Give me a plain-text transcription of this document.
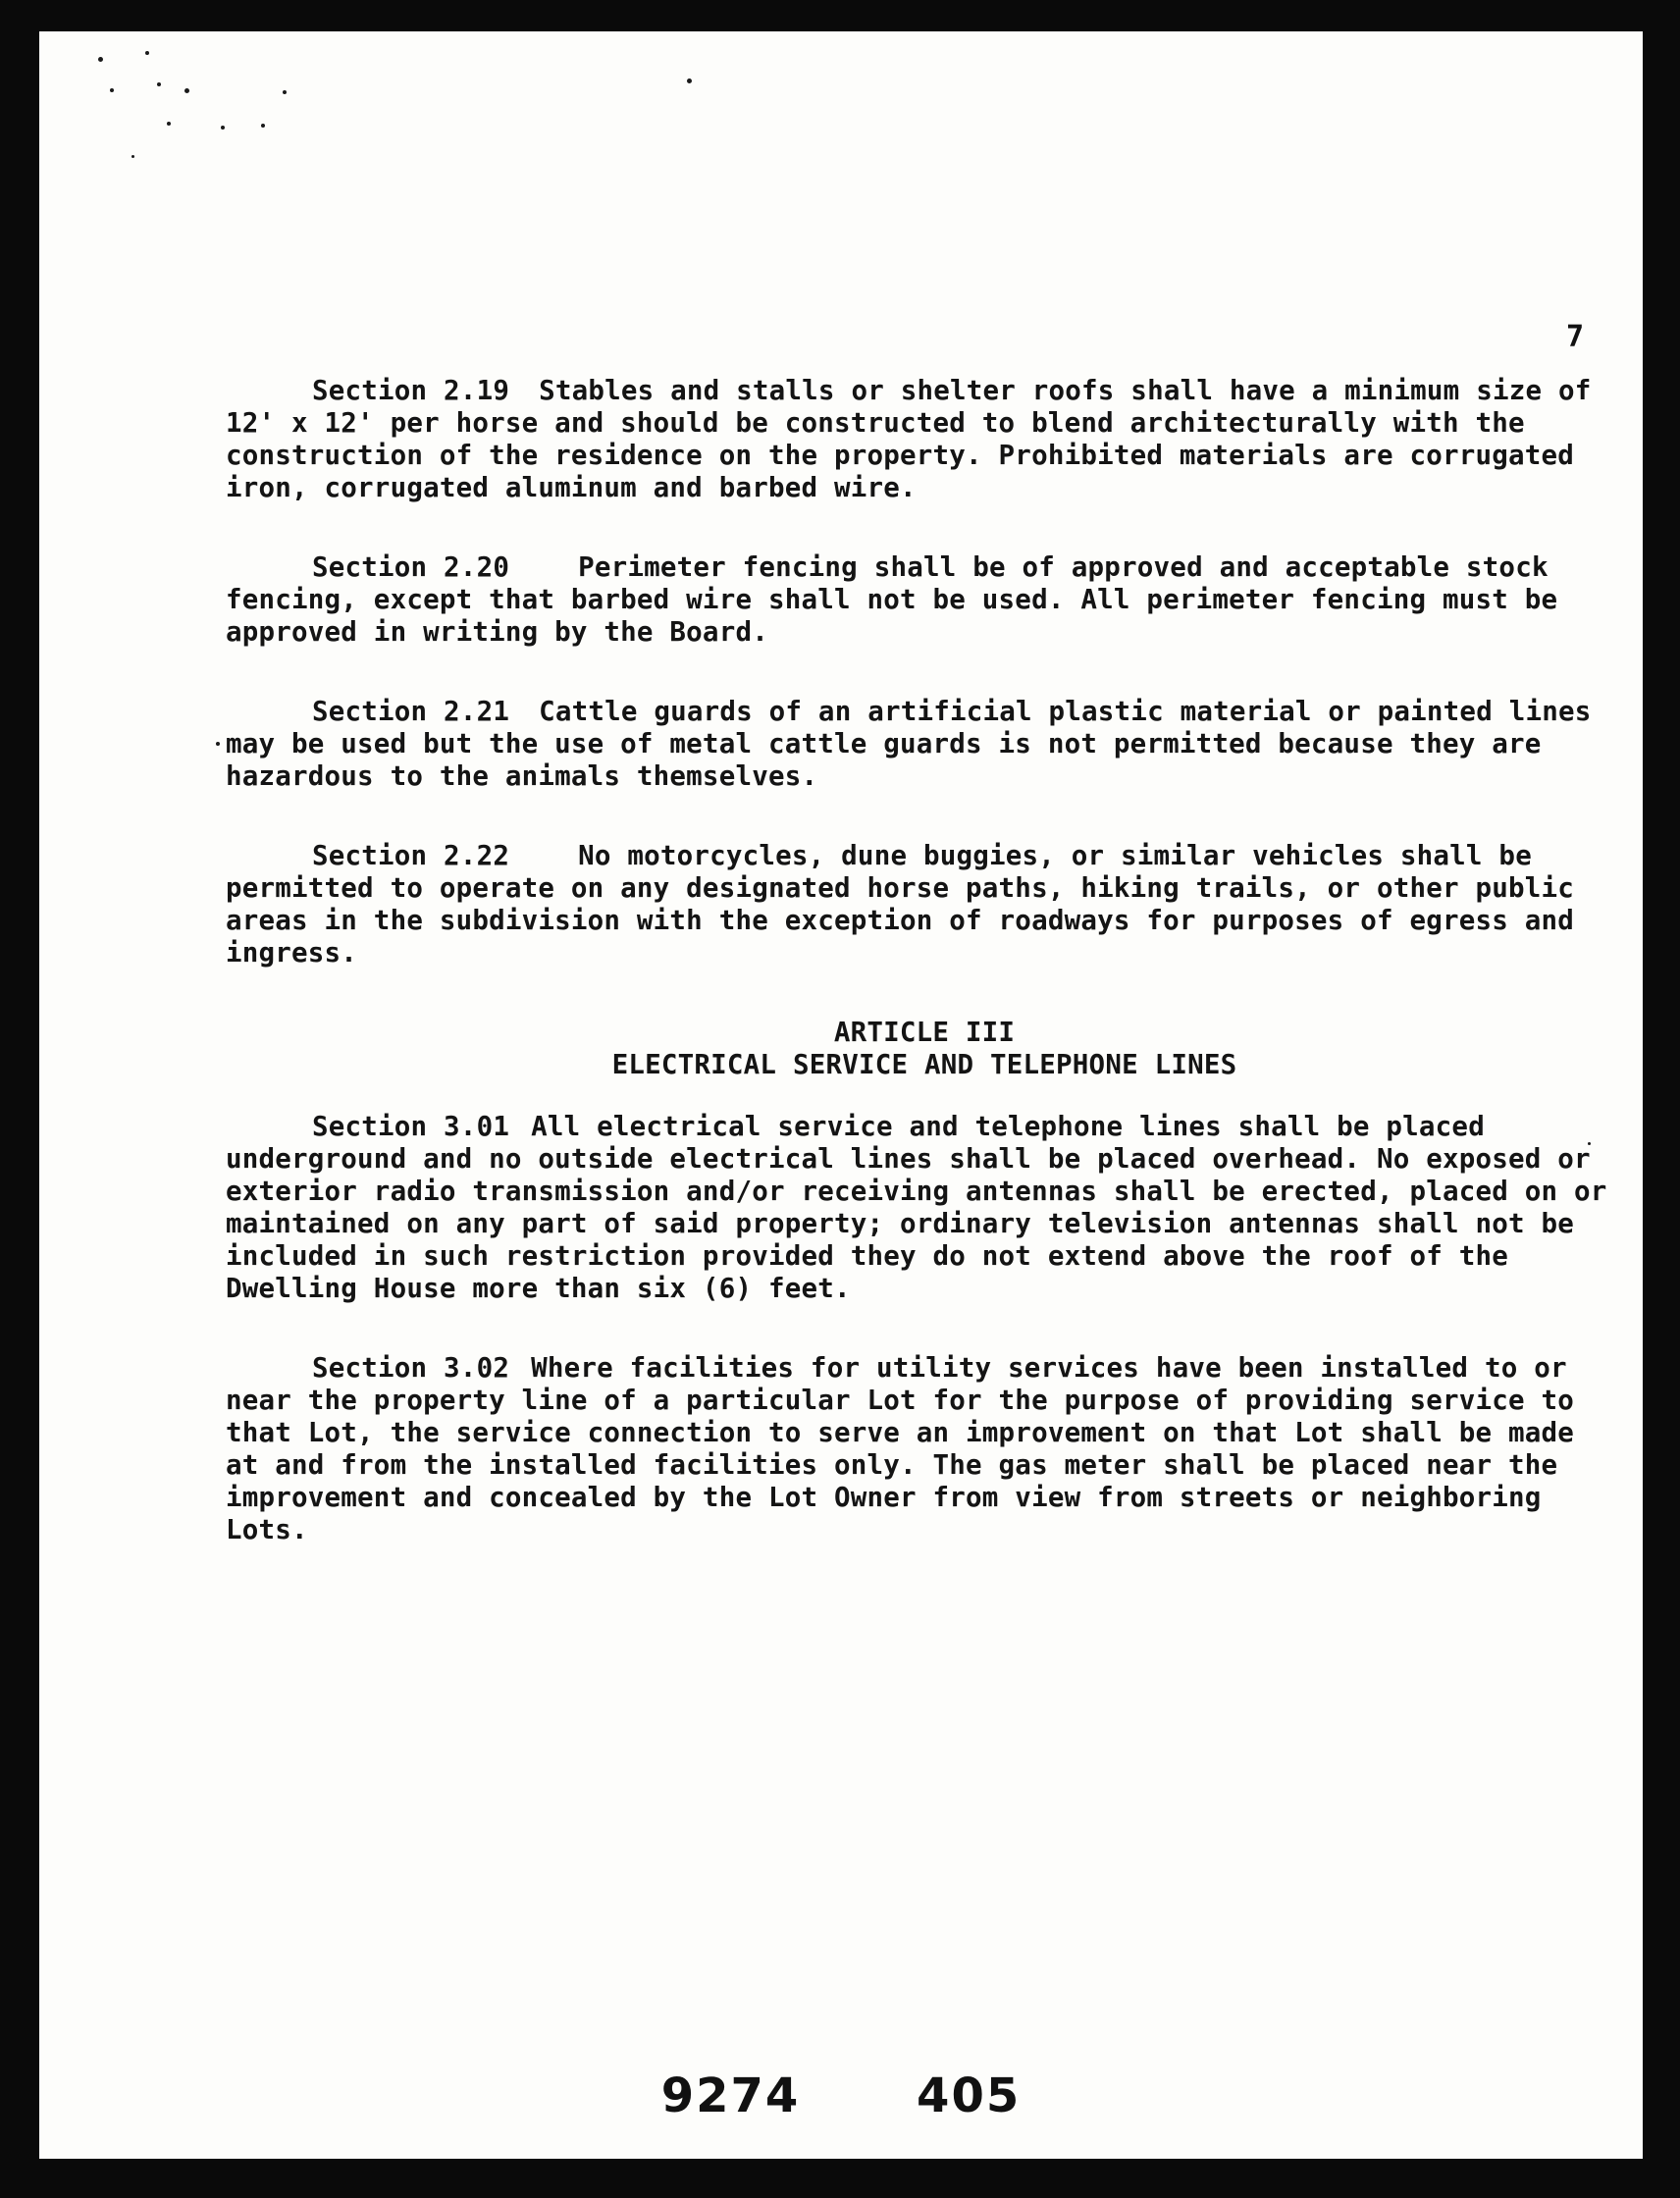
7

Section 2.19 Stables and stalls or shelter roofs shall have a minimum size of 12' x 12' per horse and should be constructed to blend architecturally with the construction of the residence on the property. Prohibited materials are corrugated iron, corrugated aluminum and barbed wire.

Section 2.20	Perimeter fencing shall be of approved and acceptable stock fencing, except that barbed wire shall not be used. All perimeter fencing must be approved in writing by the Board.

Section 2.21 Cattle guards of an artificial plastic material or painted lines may be used but the use of metal cattle guards is not permitted because they are hazardous to the animals themselves.

Section 2.22	No motorcycles, dune buggies, or similar vehicles shall be permitted to operate on any designated horse paths, hiking trails, or other public areas in the subdivision with the exception of roadways for purposes of egress and ingress.

ARTICLE III
ELECTRICAL SERVICE AND TELEPHONE LINES

Section 3.01 All electrical service and telephone lines shall be placed underground and no outside electrical lines shall be placed overhead. No exposed or exterior radio transmission and/or receiving antennas shall be erected, placed on or maintained on any part of said property; ordinary television antennas shall not be included in such restriction provided they do not extend above the roof of the Dwelling House more than six (6) feet.

Section 3.02 Where facilities for utility services have been installed to or near the property line of a particular Lot for the purpose of providing service to that Lot, the service connection to serve an improvement on that Lot shall be made at and from the installed facilities only. The gas meter shall be placed near the improvement and concealed by the Lot Owner from view from streets or neighboring Lots.

9274 405
